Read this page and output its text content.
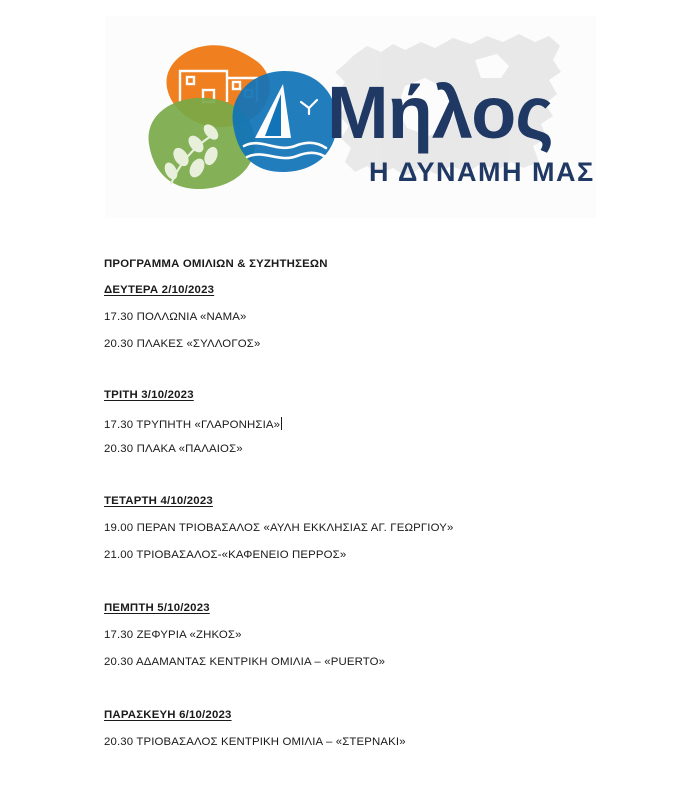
Μήλος
Η ΔΥΝΑΜΗ ΜΑΣ
ΠΡΟΓΡΑΜΜΑ ΟΜΙΛΙΩΝ & ΣΥΖΗΤΗΣΕΩΝ
ΔΕΥΤΕΡΑ 2/10/2023
17.30 ΠΟΛΛΩΝΙΑ «ΝΑΜΑ»
20.30 ΠΛΑΚΕΣ «ΣΥΛΛΟΓΟΣ»
ΤΡΙΤΗ 3/10/2023
17.30 ΤΡΥΠΗΤΗ «ΓΛΑΡΟΝΗΣΙΑ»
20.30 ΠΛΑΚΑ «ΠΑΛΑΙΟΣ»
ΤΕΤΑΡΤΗ 4/10/2023
19.00 ΠΕΡΑΝ ΤΡΙΟΒΑΣΑΛΟΣ «ΑΥΛΗ ΕΚΚΛΗΣΙΑΣ ΑΓ. ΓΕΩΡΓΙΟΥ»
21.00 ΤΡΙΟΒΑΣΑΛΟΣ-«ΚΑΦΕΝΕΙΟ ΠΕΡΡΟΣ»
ΠΕΜΠΤΗ 5/10/2023
17.30 ΖΕΦΥΡΙΑ «ΖΗΚΟΣ»
20.30 ΑΔΑΜΑΝΤΑΣ ΚΕΝΤΡΙΚΗ ΟΜΙΛΙΑ – «PUERTO»
ΠΑΡΑΣΚΕΥΗ 6/10/2023
20.30 ΤΡΙΟΒΑΣΑΛΟΣ ΚΕΝΤΡΙΚΗ ΟΜΙΛΙΑ – «ΣΤΕΡΝΑΚΙ»
